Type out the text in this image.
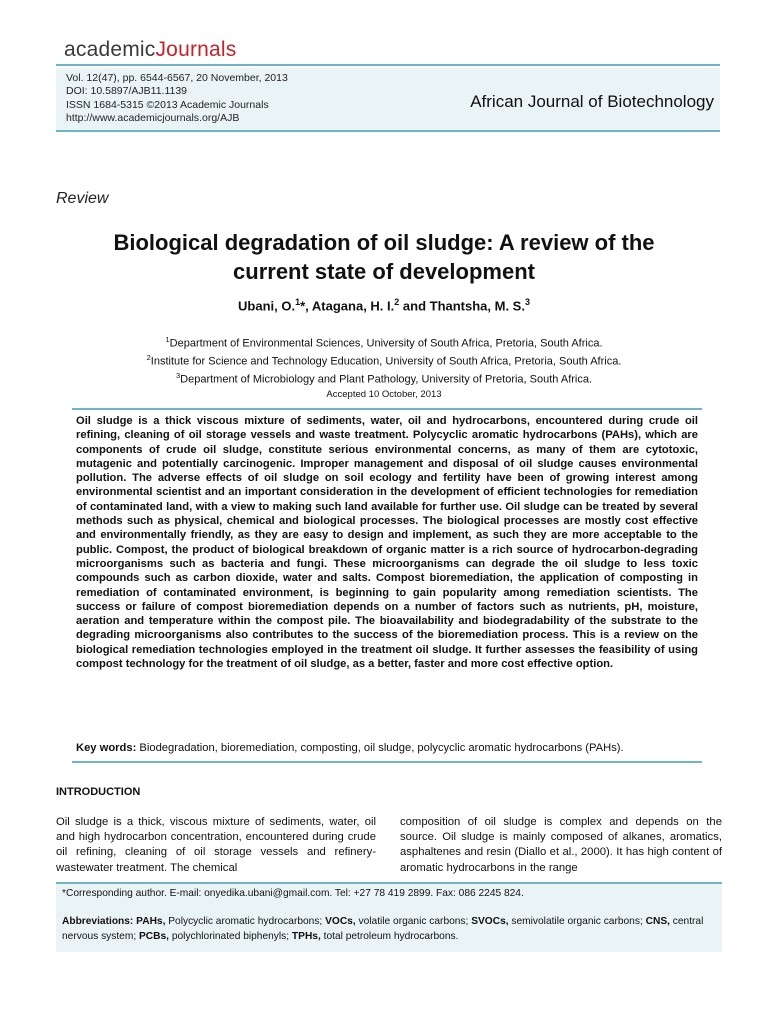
academicJournals
Vol. 12(47), pp. 6544-6567, 20 November, 2013
DOI: 10.5897/AJB11.1139
ISSN 1684-5315 ©2013 Academic Journals
http://www.academicjournals.org/AJB
African Journal of Biotechnology
Review
Biological degradation of oil sludge: A review of the
current state of development
Ubani, O.$^1$*, Atagana, H. I.$^2$ and Thantsha, M. S.$^3$
$^1$Department of Environmental Sciences, University of South Africa, Pretoria, South Africa.
$^2$Institute for Science and Technology Education, University of South Africa, Pretoria, South Africa.
$^3$Department of Microbiology and Plant Pathology, University of Pretoria, South Africa.
Accepted 10 October, 2013
Oil sludge is a thick viscous mixture of sediments, water, oil and hydrocarbons, encountered during crude oil refining, cleaning of oil storage vessels and waste treatment. Polycyclic aromatic hydrocarbons (PAHs), which are components of crude oil sludge, constitute serious environmental concerns, as many of them are cytotoxic, mutagenic and potentially carcinogenic. Improper management and disposal of oil sludge causes environmental pollution. The adverse effects of oil sludge on soil ecology and fertility have been of growing interest among environmental scientist and an important consideration in the development of efficient technologies for remediation of contaminated land, with a view to making such land available for further use. Oil sludge can be treated by several methods such as physical, chemical and biological processes. The biological processes are mostly cost effective and environmentally friendly, as they are easy to design and implement, as such they are more acceptable to the public. Compost, the product of biological breakdown of organic matter is a rich source of hydrocarbon-degrading microorganisms such as bacteria and fungi. These microorganisms can degrade the oil sludge to less toxic compounds such as carbon dioxide, water and salts. Compost bioremediation, the application of composting in remediation of contaminated environment, is beginning to gain popularity among remediation scientists. The success or failure of compost bioremediation depends on a number of factors such as nutrients, pH, moisture, aeration and temperature within the compost pile. The bioavailability and biodegradability of the substrate to the degrading microorganisms also contributes to the success of the bioremediation process. This is a review on the biological remediation technologies employed in the treatment oil sludge. It further assesses the feasibility of using compost technology for the treatment of oil sludge, as a better, faster and more cost effective option.
Key words: Biodegradation, bioremediation, composting, oil sludge, polycyclic aromatic hydrocarbons (PAHs).
INTRODUCTION
Oil sludge is a thick, viscous mixture of sediments, water, oil and high hydrocarbon concentration, encountered during crude oil refining, cleaning of oil storage vessels and refinery-wastewater treatment. The chemical
composition of oil sludge is complex and depends on the source. Oil sludge is mainly composed of alkanes, aromatics, asphaltenes and resin (Diallo et al., 2000). It has high content of aromatic hydrocarbons in the range
*Corresponding author. E-mail: onyedika.ubani@gmail.com. Tel: +27 78 419 2899. Fax: 086 2245 824.
Abbreviations: PAHs, Polycyclic aromatic hydrocarbons; VOCs, volatile organic carbons; SVOCs, semivolatile organic carbons; CNS, central nervous system; PCBs, polychlorinated biphenyls; TPHs, total petroleum hydrocarbons.
